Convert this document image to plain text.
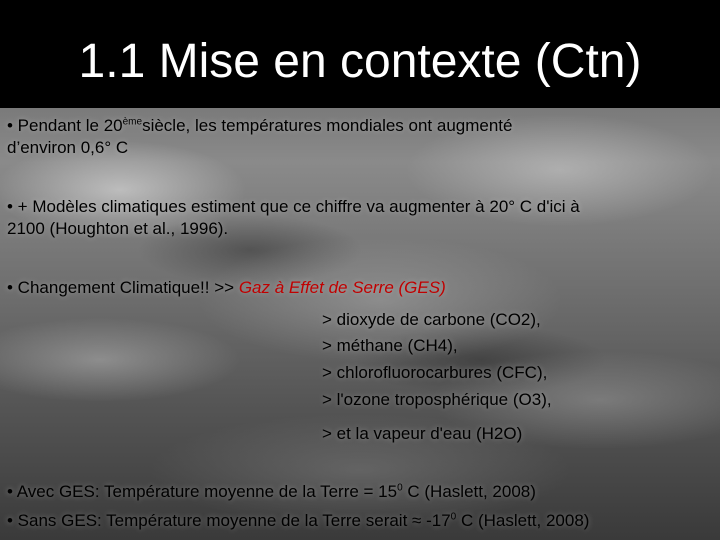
1.1 Mise en contexte (Ctn)
• Pendant le 20èmesiècle, les températures mondiales ont augmenté
d’environ 0,6° C
• + Modèles climatiques estiment que ce chiffre va augmenter à 20° C d'ici à
2100 (Houghton et al., 1996).
• Changement Climatique!! >> Gaz à Effet de Serre (GES)
> dioxyde de carbone (CO2),
> méthane (CH4),
> chlorofluorocarbures (CFC),
> l'ozone troposphérique (O3),
> et la vapeur d'eau (H2O)
• Avec GES: Température moyenne de la Terre = $15^0$ C (Haslett, 2008)
• Sans GES: Température moyenne de la Terre serait ≈ $-17^0$ C (Haslett, 2008)
